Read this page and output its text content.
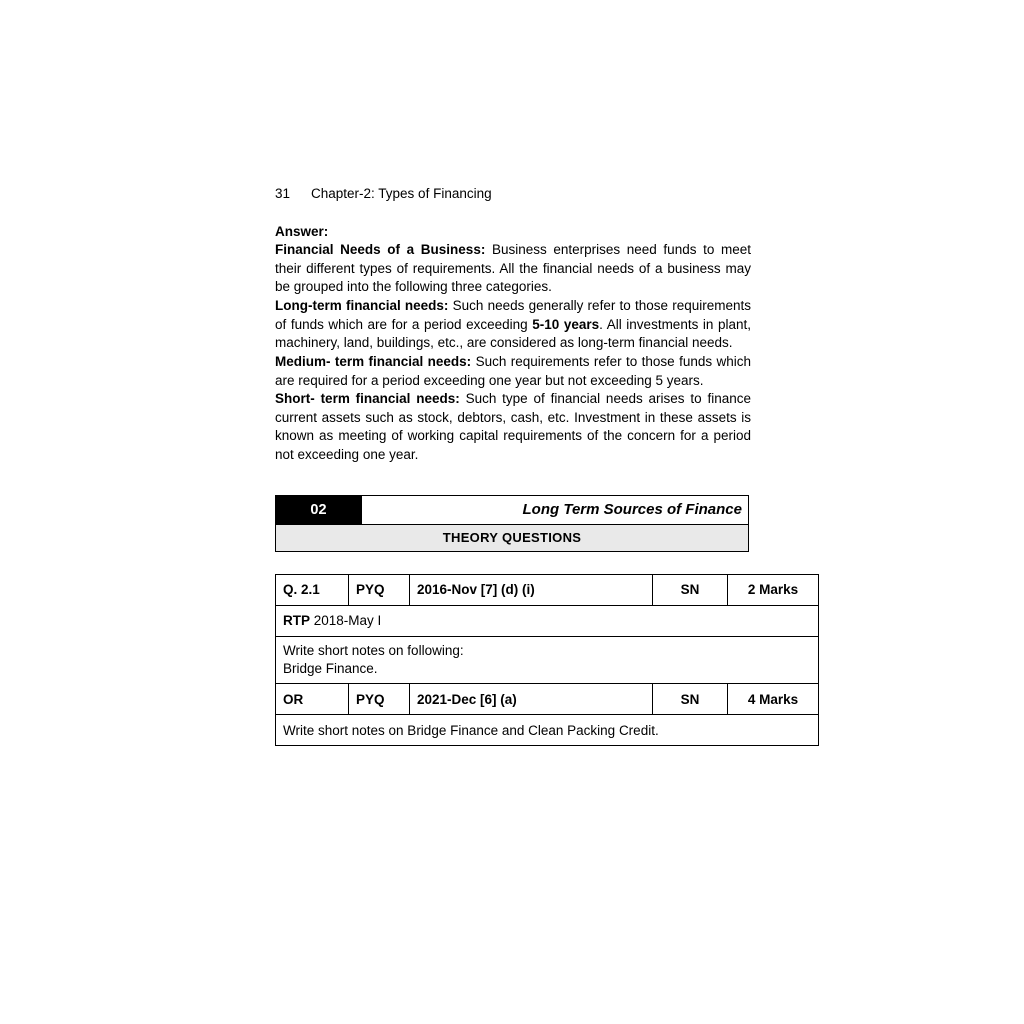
31 Chapter-2: Types of Financing
Answer:

Financial Needs of a Business: Business enterprises need funds to meet their different types of requirements. All the financial needs of a business may be grouped into the following three categories.

Long-term financial needs: Such needs generally refer to those requirements of funds which are for a period exceeding 5-10 years. All investments in plant, machinery, land, buildings, etc., are considered as long-term financial needs.

Medium- term financial needs: Such requirements refer to those funds which are required for a period exceeding one year but not exceeding 5 years.

Short- term financial needs: Such type of financial needs arises to finance current assets such as stock, debtors, cash, etc. Investment in these assets is known as meeting of working capital requirements of the concern for a period not exceeding one year.

02	Long Term Sources of Finance
THEORY QUESTIONS
Q. 2.1	PYQ	2016-Nov [7] (d) (i)	SN	2 Marks
RTP 2018-May I				

Write short notes on following:
Bridge Finance.				

OR	PYQ	2021-Dec [6] (a)	SN	4 Marks
Write short notes on Bridge Finance and Clean Packing Credit.				
